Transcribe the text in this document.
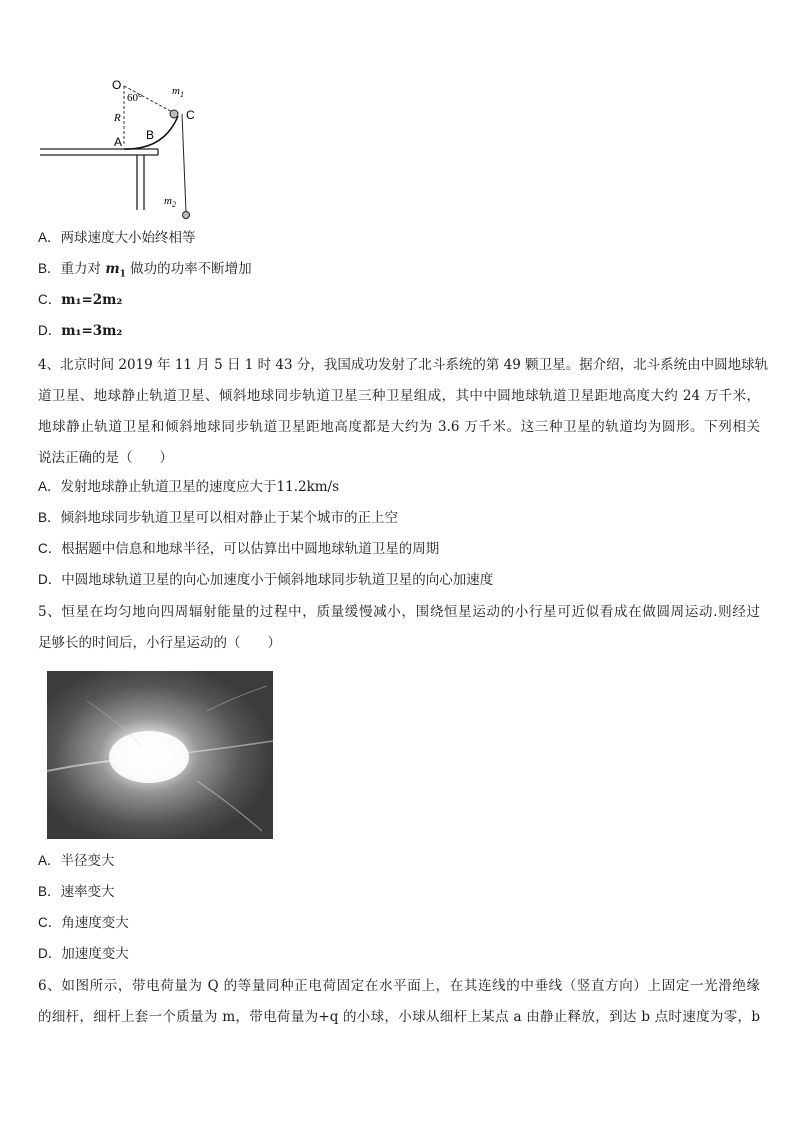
O
60°
$m_1$
C
R
B
A
$m_2$
A．两球速度大小始终相等
B．重力对 $m_1$ 做功的功率不断增加
C．m₁=2m₂
D．m₁=3m₂
4、北京时间 2019 年 11 月 5 日 1 时 43 分，我国成功发射了北斗系统的第 49 颗卫星。据介绍，北斗系统由中圆地球轨
道卫星、地球静止轨道卫星、倾斜地球同步轨道卫星三种卫星组成，其中中圆地球轨道卫星距地高度大约 24 万千米，
地球静止轨道卫星和倾斜地球同步轨道卫星距地高度都是大约为 3.6 万千米。这三种卫星的轨道均为圆形。下列相关
说法正确的是（　　）
A．发射地球静止轨道卫星的速度应大于11.2km/s
B．倾斜地球同步轨道卫星可以相对静止于某个城市的正上空
C．根据题中信息和地球半径，可以估算出中圆地球轨道卫星的周期
D．中圆地球轨道卫星的向心加速度小于倾斜地球同步轨道卫星的向心加速度
5、恒星在均匀地向四周辐射能量的过程中，质量缓慢减小，围绕恒星运动的小行星可近似看成在做圆周运动.则经过
足够长的时间后，小行星运动的（　　）
A．半径变大
B．速率变大
C．角速度变大
D．加速度变大
6、如图所示，带电荷量为 Q 的等量同种正电荷固定在水平面上，在其连线的中垂线（竖直方向）上固定一光滑绝缘
的细杆，细杆上套一个质量为 m，带电荷量为+q 的小球，小球从细杆上某点 a 由静止释放，到达 b 点时速度为零，b
